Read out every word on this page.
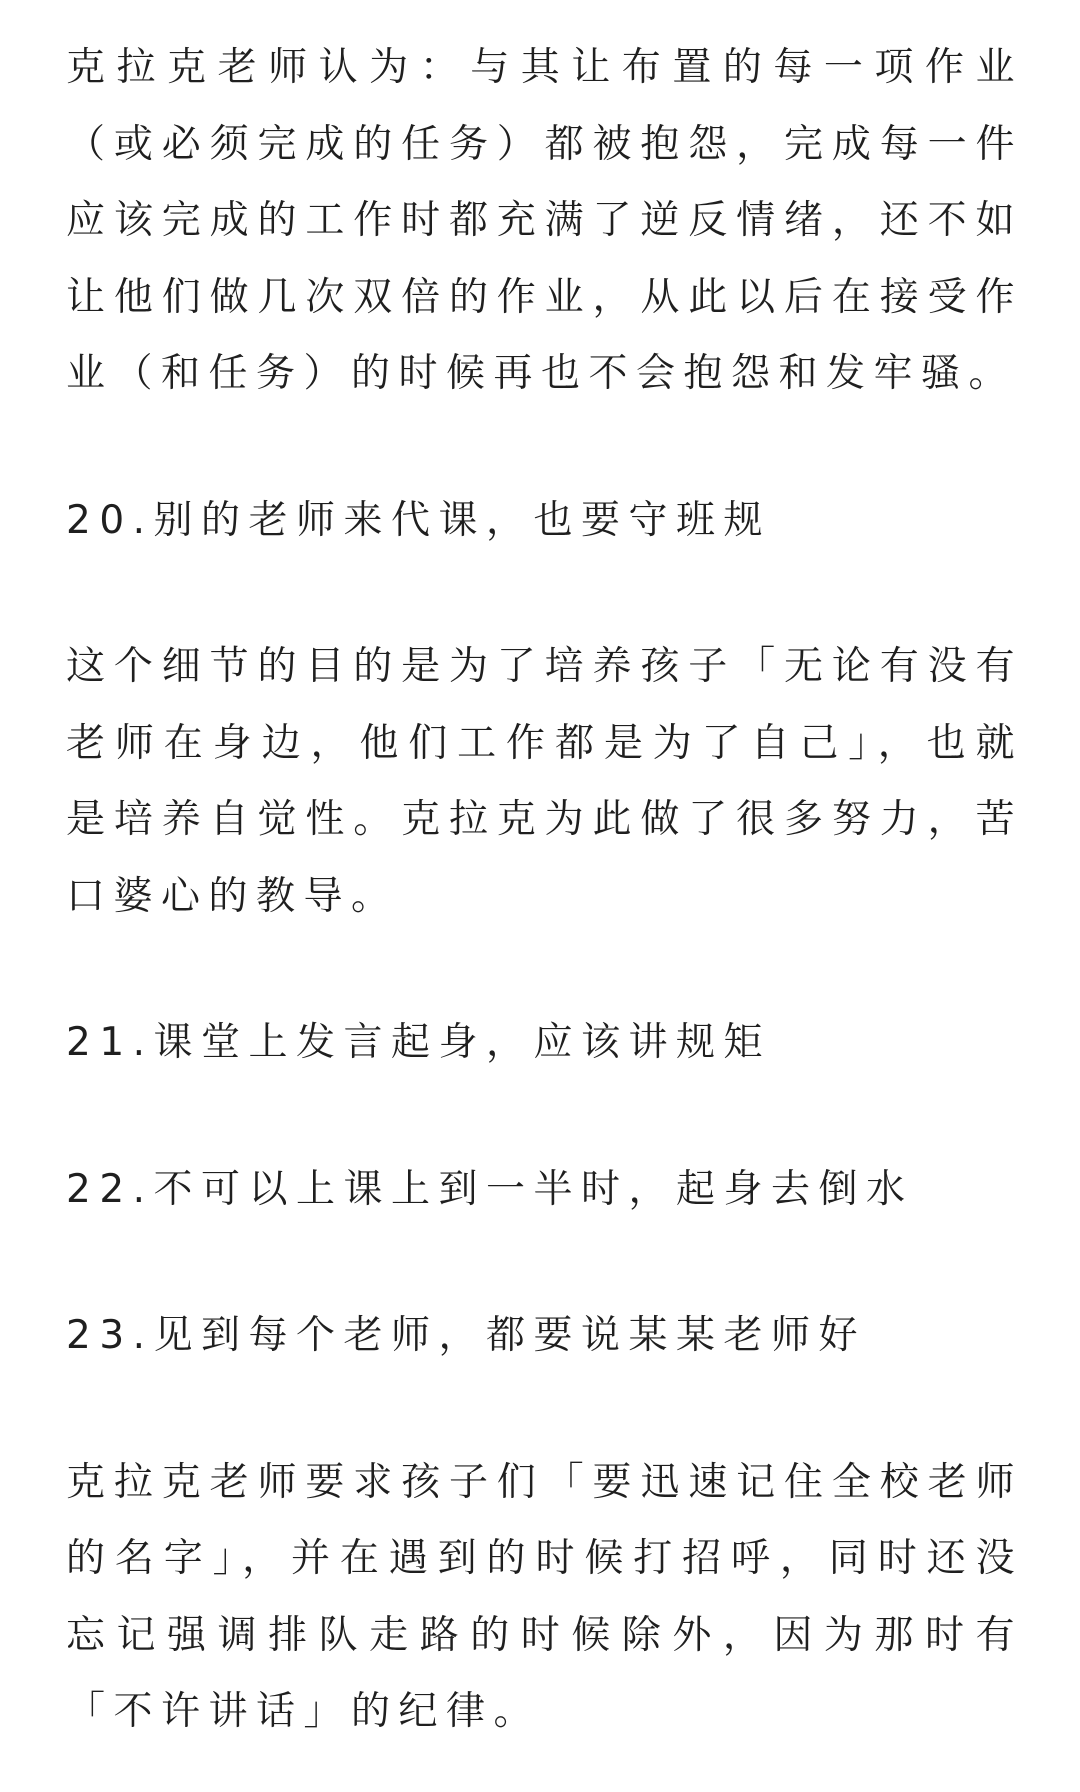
克拉克老师认为：与其让布置的每一项作业（或必须完成的任务）都被抱怨，完成每一件应该完成的工作时都充满了逆反情绪，还不如让他们做几次双倍的作业，从此以后在接受作业（和任务）的时候再也不会抱怨和发牢骚。

20.别的老师来代课，也要守班规

这个细节的目的是为了培养孩子「无论有没有老师在身边，他们工作都是为了自己」，也就是培养自觉性。克拉克为此做了很多努力，苦口婆心的教导。

21.课堂上发言起身，应该讲规矩

22.不可以上课上到一半时，起身去倒水

23.见到每个老师，都要说某某老师好

克拉克老师要求孩子们「要迅速记住全校老师的名字」，并在遇到的时候打招呼，同时还没忘记强调排队走路的时候除外，因为那时有「不许讲话」的纪律。
